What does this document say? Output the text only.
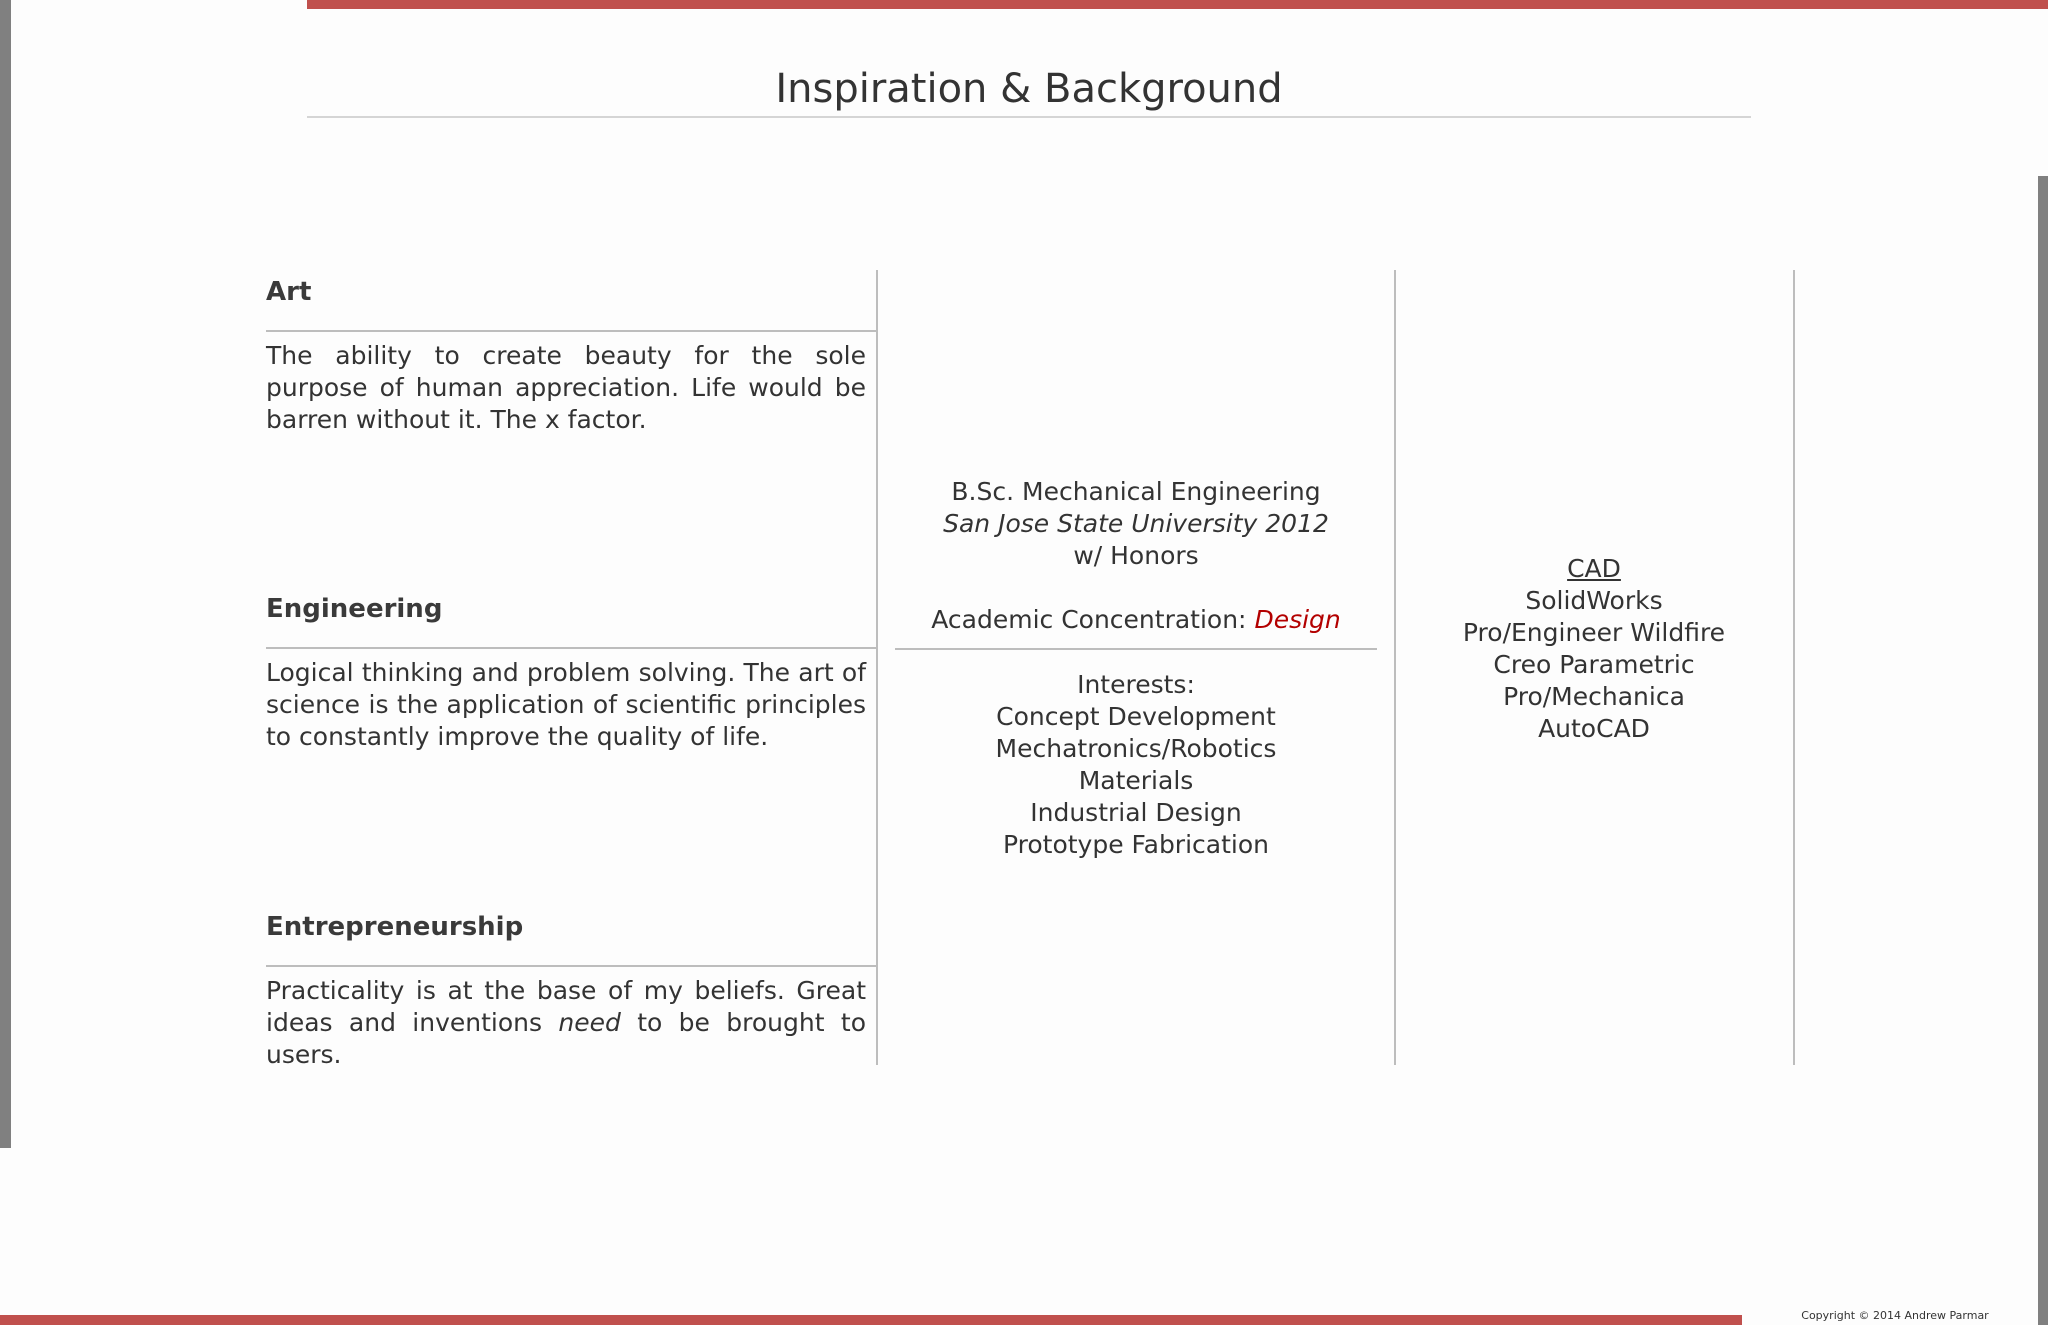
Inspiration & Background
Art
The ability to create beauty for the sole purpose of human appreciation. Life would be barren without it. The x factor.
Engineering
Logical thinking and problem solving. The art of science is the application of scientific principles to constantly improve the quality of life.
Entrepreneurship
Practicality is at the base of my beliefs. Great ideas and inventions need to be brought to users.
B.Sc. Mechanical Engineering
San Jose State University 2012
w/ Honors
Academic Concentration: Design
Interests:
Concept Development
Mechatronics/Robotics
Materials
Industrial Design
Prototype Fabrication
CAD
SolidWorks
Pro/Engineer Wildfire
Creo Parametric
Pro/Mechanica
AutoCAD
Copyright © 2014 Andrew Parmar
